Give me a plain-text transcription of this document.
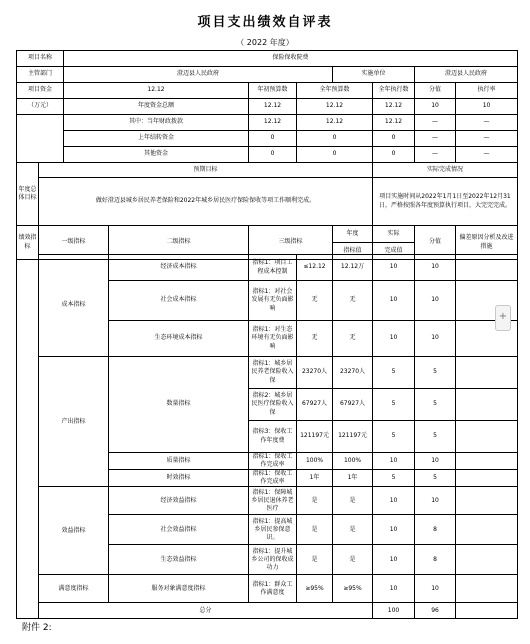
项目支出绩效自评表
（ 2022 年度）
项目名称		保险保收院费							
主管部门		澄迈县人民政府				实施单位		澄迈县人民政府	
项目资金		12.12		年初预算数	全年预算数		全年执行数	分值	执行率
（万元）		年度资金总额		12.12	12.12		12.12	10	10
		其中：当年财政拨款		12.12	12.12		12.12	—	—
		上年结转资金		0	0		0	—	—
		其他资金		0	0		0	—	—
年度总体目标	预期目标						实际完成情况		
	做好澄迈县城乡居民养老保险和2022年城乡居民医疗保险保收等项工作顺利完成。						项目实施时间从2022年1月1日至2022年12月31日，严格按照各年度预算执行项目，大完完完成。		
绩效指标	一级指标		二级指标	三级指标		年度	实际	分值	偏差原因分析及改进措施
						指标值	完成值		
	成本指标	经济成本指标	指标1：项目工程成本控制	≤12.12	12.12万	10	10	
		社会成本指标	指标1：对社会发展有无负面影响	无	无	10	10	
		生态环境成本指标	指标1：对生态环境有无负面影响	无	无	10	10	
	产出指标	数量指标	指标1：城乡居民养老保险收入保	23270人	23270人	5	5	
			指标2：城乡居民医疗保险收入保	67927人	67927人	5	5	
			指标3：保收工作年度费	121197元	121197元	5	5	
		质量指标	指标1：保收工作完成率	100%	100%	10	10	
		时效指标	指标1：保收工作完成率	1年	1年	5	5	
	效益指标	经济效益指标	指标1：保障城乡居民退休养老医疗	是	是	10	10	
		社会效益指标	指标1：提高城乡居民参保意识。	是	是	10	8	
		生态效益指标	指标1：提升城乡公司的保收成功力	是	是	10	8	
	满意度指标	服务对象满意度指标	指标1：群众工作满意度	≥95%	≥95%	10	10	
	总分					100	96	
附件 2:
+
